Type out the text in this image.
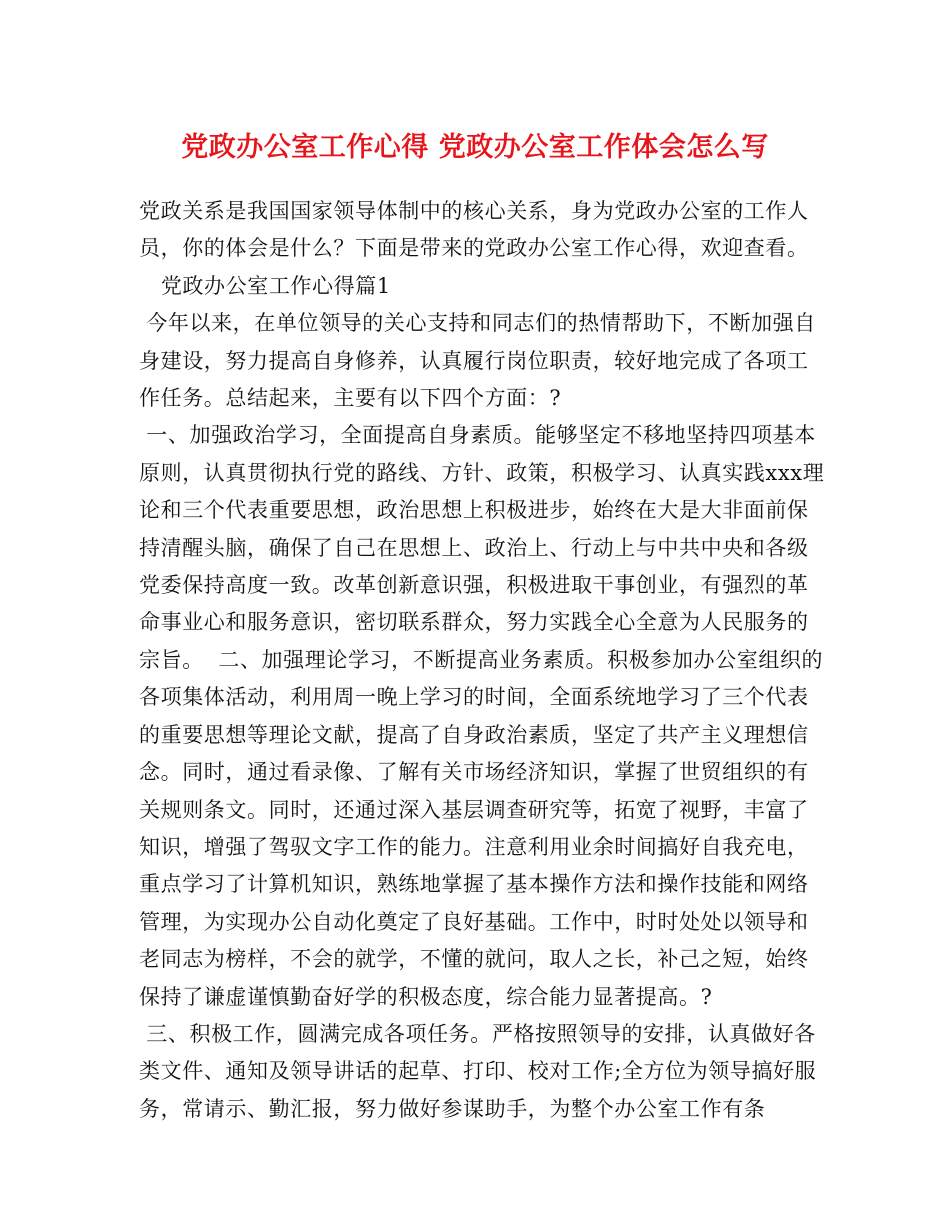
党政办公室工作心得 党政办公室工作体会怎么写

党政关系是我国国家领导体制中的核心关系，身为党政办公室的工作人员，你的体会是什么？下面是带来的党政办公室工作心得，欢迎查看。

党政办公室工作心得篇1

今年以来，在单位领导的关心支持和同志们的热情帮助下，不断加强自身建设，努力提高自身修养，认真履行岗位职责，较好地完成了各项工作任务。总结起来，主要有以下四个方面：?

一、加强政治学习，全面提高自身素质。能够坚定不移地坚持四项基本原则，认真贯彻执行党的路线、方针、政策，积极学习、认真实践xxx理论和三个代表重要思想，政治思想上积极进步，始终在大是大非面前保持清醒头脑，确保了自己在思想上、政治上、行动上与中共中央和各级党委保持高度一致。改革创新意识强，积极进取干事创业，有强烈的革命事业心和服务意识，密切联系群众，努力实践全心全意为人民服务的宗旨。  二、加强理论学习，不断提高业务素质。积极参加办公室组织的各项集体活动，利用周一晚上学习的时间，全面系统地学习了三个代表的重要思想等理论文献，提高了自身政治素质，坚定了共产主义理想信念。同时，通过看录像、了解有关市场经济知识，掌握了世贸组织的有关规则条文。同时，还通过深入基层调查研究等，拓宽了视野，丰富了知识，增强了驾驭文字工作的能力。注意利用业余时间搞好自我充电，重点学习了计算机知识，熟练地掌握了基本操作方法和操作技能和网络管理，为实现办公自动化奠定了良好基础。工作中，时时处处以领导和老同志为榜样，不会的就学，不懂的就问，取人之长，补己之短，始终保持了谦虚谨慎勤奋好学的积极态度，综合能力显著提高。?

三、积极工作，圆满完成各项任务。严格按照领导的安排，认真做好各类文件、通知及领导讲话的起草、打印、校对工作;全方位为领导搞好服务，常请示、勤汇报，努力做好参谋助手，为整个办公室工作有条
